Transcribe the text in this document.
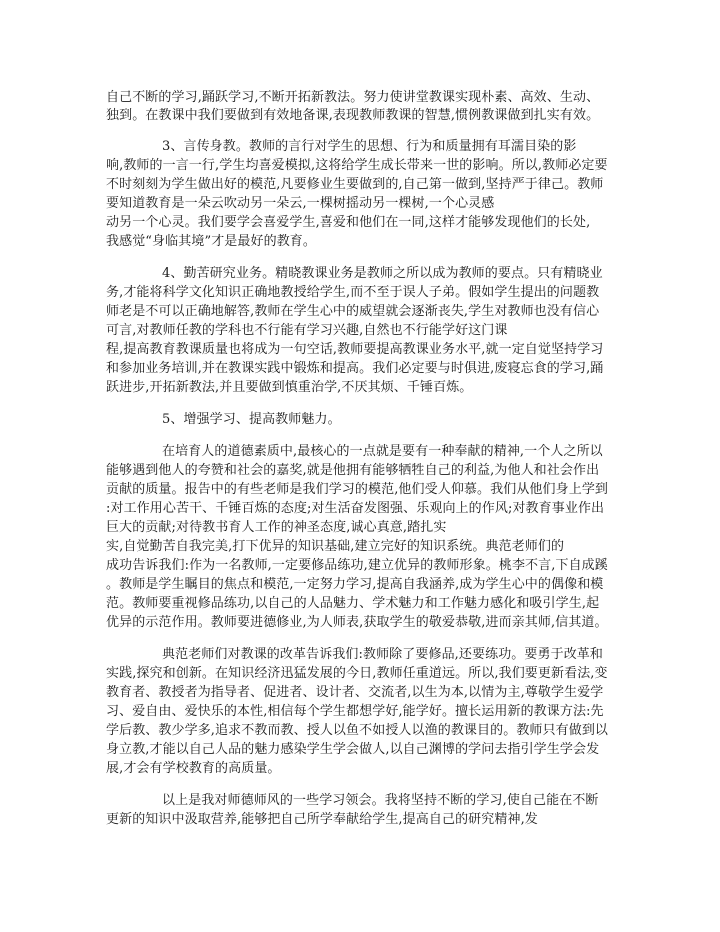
自己不断的学习,踊跃学习,不断开拓新教法。努力使讲堂教课实现朴素、高效、生动、
独到。在教课中我们要做到有效地备课,表现教师教课的智慧,惯例教课做到扎实有效。
3、言传身教。教师的言行对学生的思想、行为和质量拥有耳濡目染的影
响,教师的一言一行,学生均喜爱模拟,这将给学生成长带来一世的影响。所以,教师必定要
不时刻刻为学生做出好的模范,凡要修业生要做到的,自己第一做到,坚持严于律己。教师
要知道教育是一朵云吹动另一朵云,一棵树摇动另一棵树,一个心灵感
动另一个心灵。我们要学会喜爱学生,喜爱和他们在一同,这样才能够发现他们的长处,
我感觉“身临其境”才是最好的教育。
4、勤苦研究业务。精晓教课业务是教师之所以成为教师的要点。只有精晓业
务,才能将科学文化知识正确地教授给学生,而不至于误人子弟。假如学生提出的问题教
师老是不可以正确地解答,教师在学生心中的威望就会逐渐丧失,学生对教师也没有信心
可言,对教师任教的学科也不行能有学习兴趣,自然也不行能学好这门课
程,提高教育教课质量也将成为一句空话,教师要提高教课业务水平,就一定自觉坚持学习
和参加业务培训,并在教课实践中锻炼和提高。我们必定要与时俱进,废寝忘食的学习,踊
跃进步,开拓新教法,并且要做到慎重治学,不厌其烦、千锤百炼。
5、增强学习、提高教师魅力。
在培育人的道德素质中,最核心的一点就是要有一种奉献的精神,一个人之所以
能够遇到他人的夸赞和社会的嘉奖,就是他拥有能够牺牲自己的利益,为他人和社会作出
贡献的质量。报告中的有些老师是我们学习的模范,他们受人仰慕。我们从他们身上学到
:对工作用心苦干、千锤百炼的态度;对生活奋发图强、乐观向上的作风;对教育事业作出
巨大的贡献;对待教书育人工作的神圣态度,诚心真意,踏扎实
实,自觉勤苦自我完美,打下优异的知识基础,建立完好的知识系统。典范老师们的
成功告诉我们:作为一名教师,一定要修品练功,建立优异的教师形象。桃李不言,下自成蹊
。教师是学生瞩目的焦点和模范,一定努力学习,提高自我涵养,成为学生心中的偶像和模
范。教师要重视修品练功,以自己的人品魅力、学术魅力和工作魅力感化和吸引学生,起
优异的示范作用。教师要进德修业,为人师表,获取学生的敬爱恭敬,进而亲其师,信其道。
典范老师们对教课的改革告诉我们:教师除了要修品,还要练功。要勇于改革和
实践,探究和创新。在知识经济迅猛发展的今日,教师任重道远。所以,我们要更新看法,变
教育者、教授者为指导者、促进者、设计者、交流者,以生为本,以情为主,尊敬学生爱学
习、爱自由、爱快乐的本性,相信每个学生都想学好,能学好。擅长运用新的教课方法:先
学后教、教少学多,追求不教而教、授人以鱼不如授人以渔的教课目的。教师只有做到以
身立教,才能以自己人品的魅力感染学生学会做人,以自己渊博的学问去指引学生学会发
展,才会有学校教育的高质量。
以上是我对师德师风的一些学习领会。我将坚持不断的学习,使自己能在不断
更新的知识中汲取营养,能够把自己所学奉献给学生,提高自己的研究精神,发
